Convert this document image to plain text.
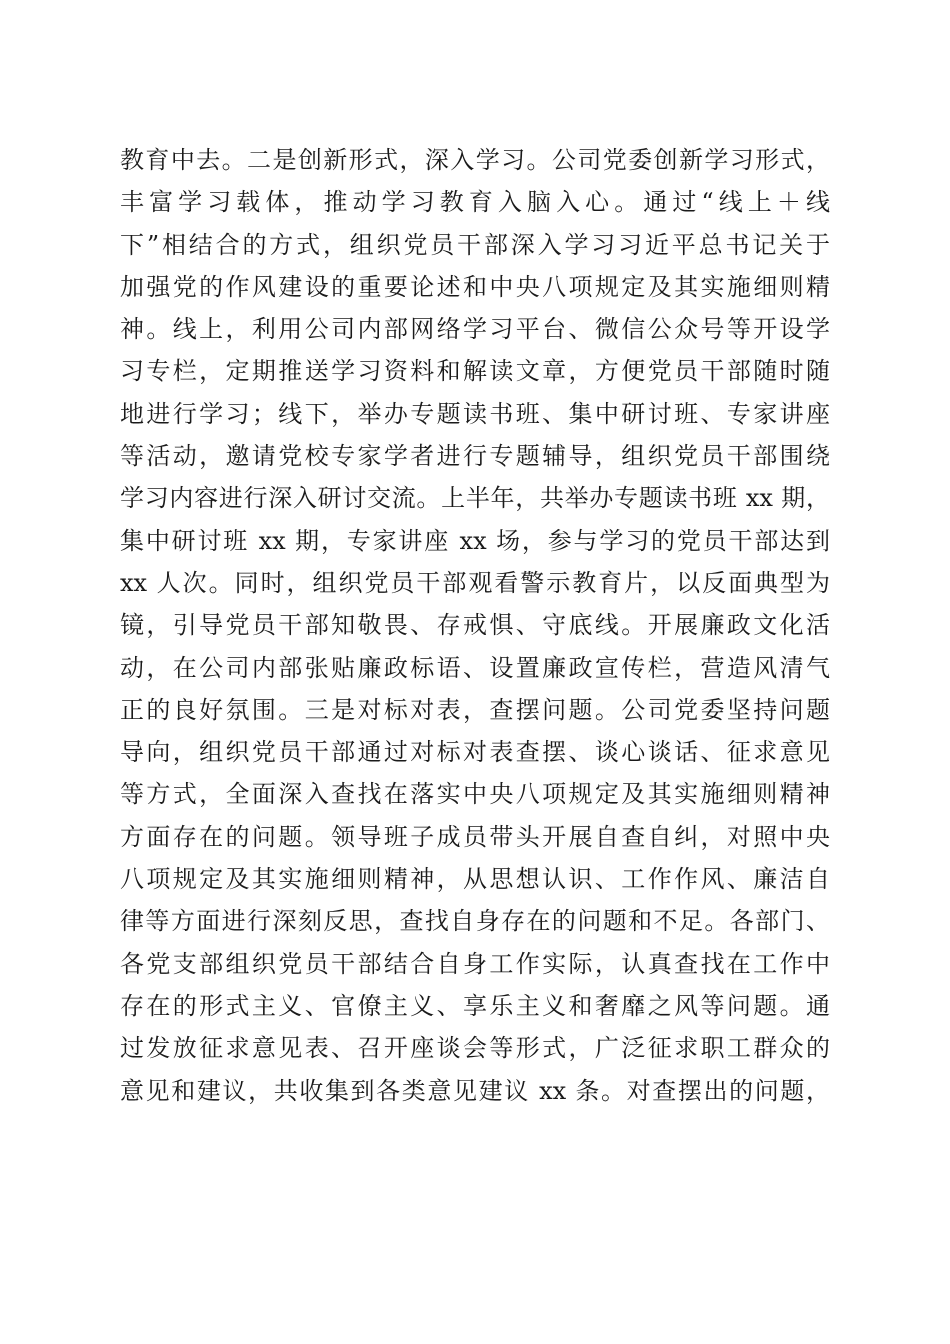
教育中去。二是创新形式，深入学习。公司党委创新学习形式，
丰富学习载体，推动学习教育入脑入心。通过“线上＋线
下”相结合的方式，组织党员干部深入学习习近平总书记关于
加强党的作风建设的重要论述和中央八项规定及其实施细则精
神。线上，利用公司内部网络学习平台、微信公众号等开设学
习专栏，定期推送学习资料和解读文章，方便党员干部随时随
地进行学习；线下，举办专题读书班、集中研讨班、专家讲座
等活动，邀请党校专家学者进行专题辅导，组织党员干部围绕
学习内容进行深入研讨交流。上半年，共举办专题读书班 xx 期，
集中研讨班 xx 期，专家讲座 xx 场，参与学习的党员干部达到
xx 人次。同时，组织党员干部观看警示教育片，以反面典型为
镜，引导党员干部知敬畏、存戒惧、守底线。开展廉政文化活
动，在公司内部张贴廉政标语、设置廉政宣传栏，营造风清气
正的良好氛围。三是对标对表，查摆问题。公司党委坚持问题
导向，组织党员干部通过对标对表查摆、谈心谈话、征求意见
等方式，全面深入查找在落实中央八项规定及其实施细则精神
方面存在的问题。领导班子成员带头开展自查自纠，对照中央
八项规定及其实施细则精神，从思想认识、工作作风、廉洁自
律等方面进行深刻反思，查找自身存在的问题和不足。各部门、
各党支部组织党员干部结合自身工作实际，认真查找在工作中
存在的形式主义、官僚主义、享乐主义和奢靡之风等问题。通
过发放征求意见表、召开座谈会等形式，广泛征求职工群众的
意见和建议，共收集到各类意见建议 xx 条。对查摆出的问题，
